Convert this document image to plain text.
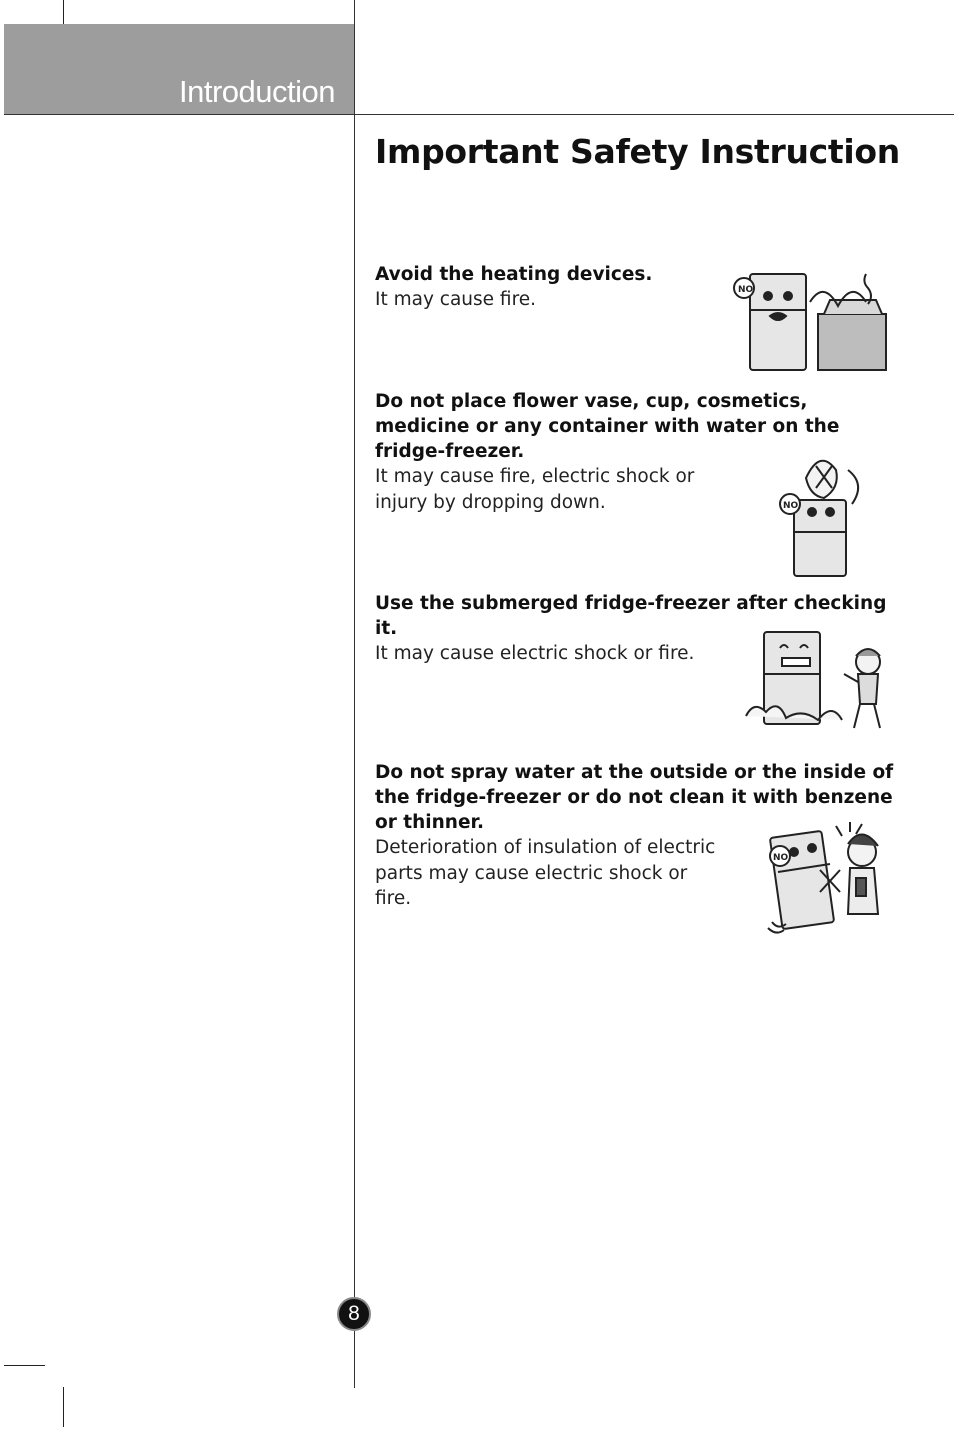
Introduction
Important Safety Instruction

Avoid the heating devices.

It may cause fire.	NO

Do not place flower vase, cup, cosmetics, medicine or any container with water on the fridge-freezer.

It may cause fire, electric shock or injury by dropping down.	NO

Use the submerged fridge-freezer after checking it.

It may cause electric shock or fire.

Do not spray water at the outside or the inside of the fridge-freezer or do not clean it with benzene or thinner.

Deterioration of insulation of electric parts may cause electric shock or fire.

NO
8
